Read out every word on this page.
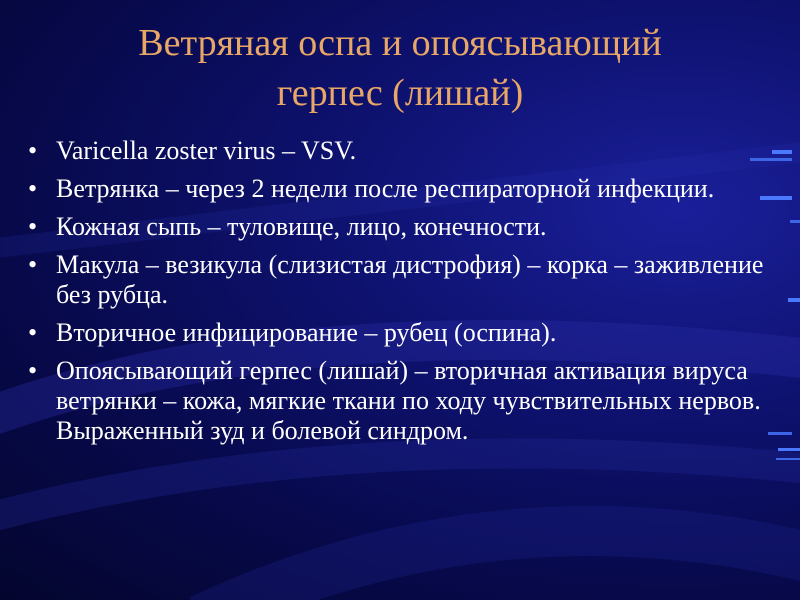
Ветряная оспа и опоясывающий
герпес (лишай)
• Varicella zoster virus – VSV.
• Ветрянка – через 2 недели после респираторной инфекции.
• Кожная сыпь – туловище, лицо, конечности.
• Макула – везикула (слизистая дистрофия) – корка – заживление без рубца.
• Вторичное инфицирование – рубец (оспина).
• Опоясывающий герпес (лишай) – вторичная активация вируса ветрянки – кожа, мягкие ткани по ходу чувствительных нервов. Выраженный зуд и болевой синдром.
